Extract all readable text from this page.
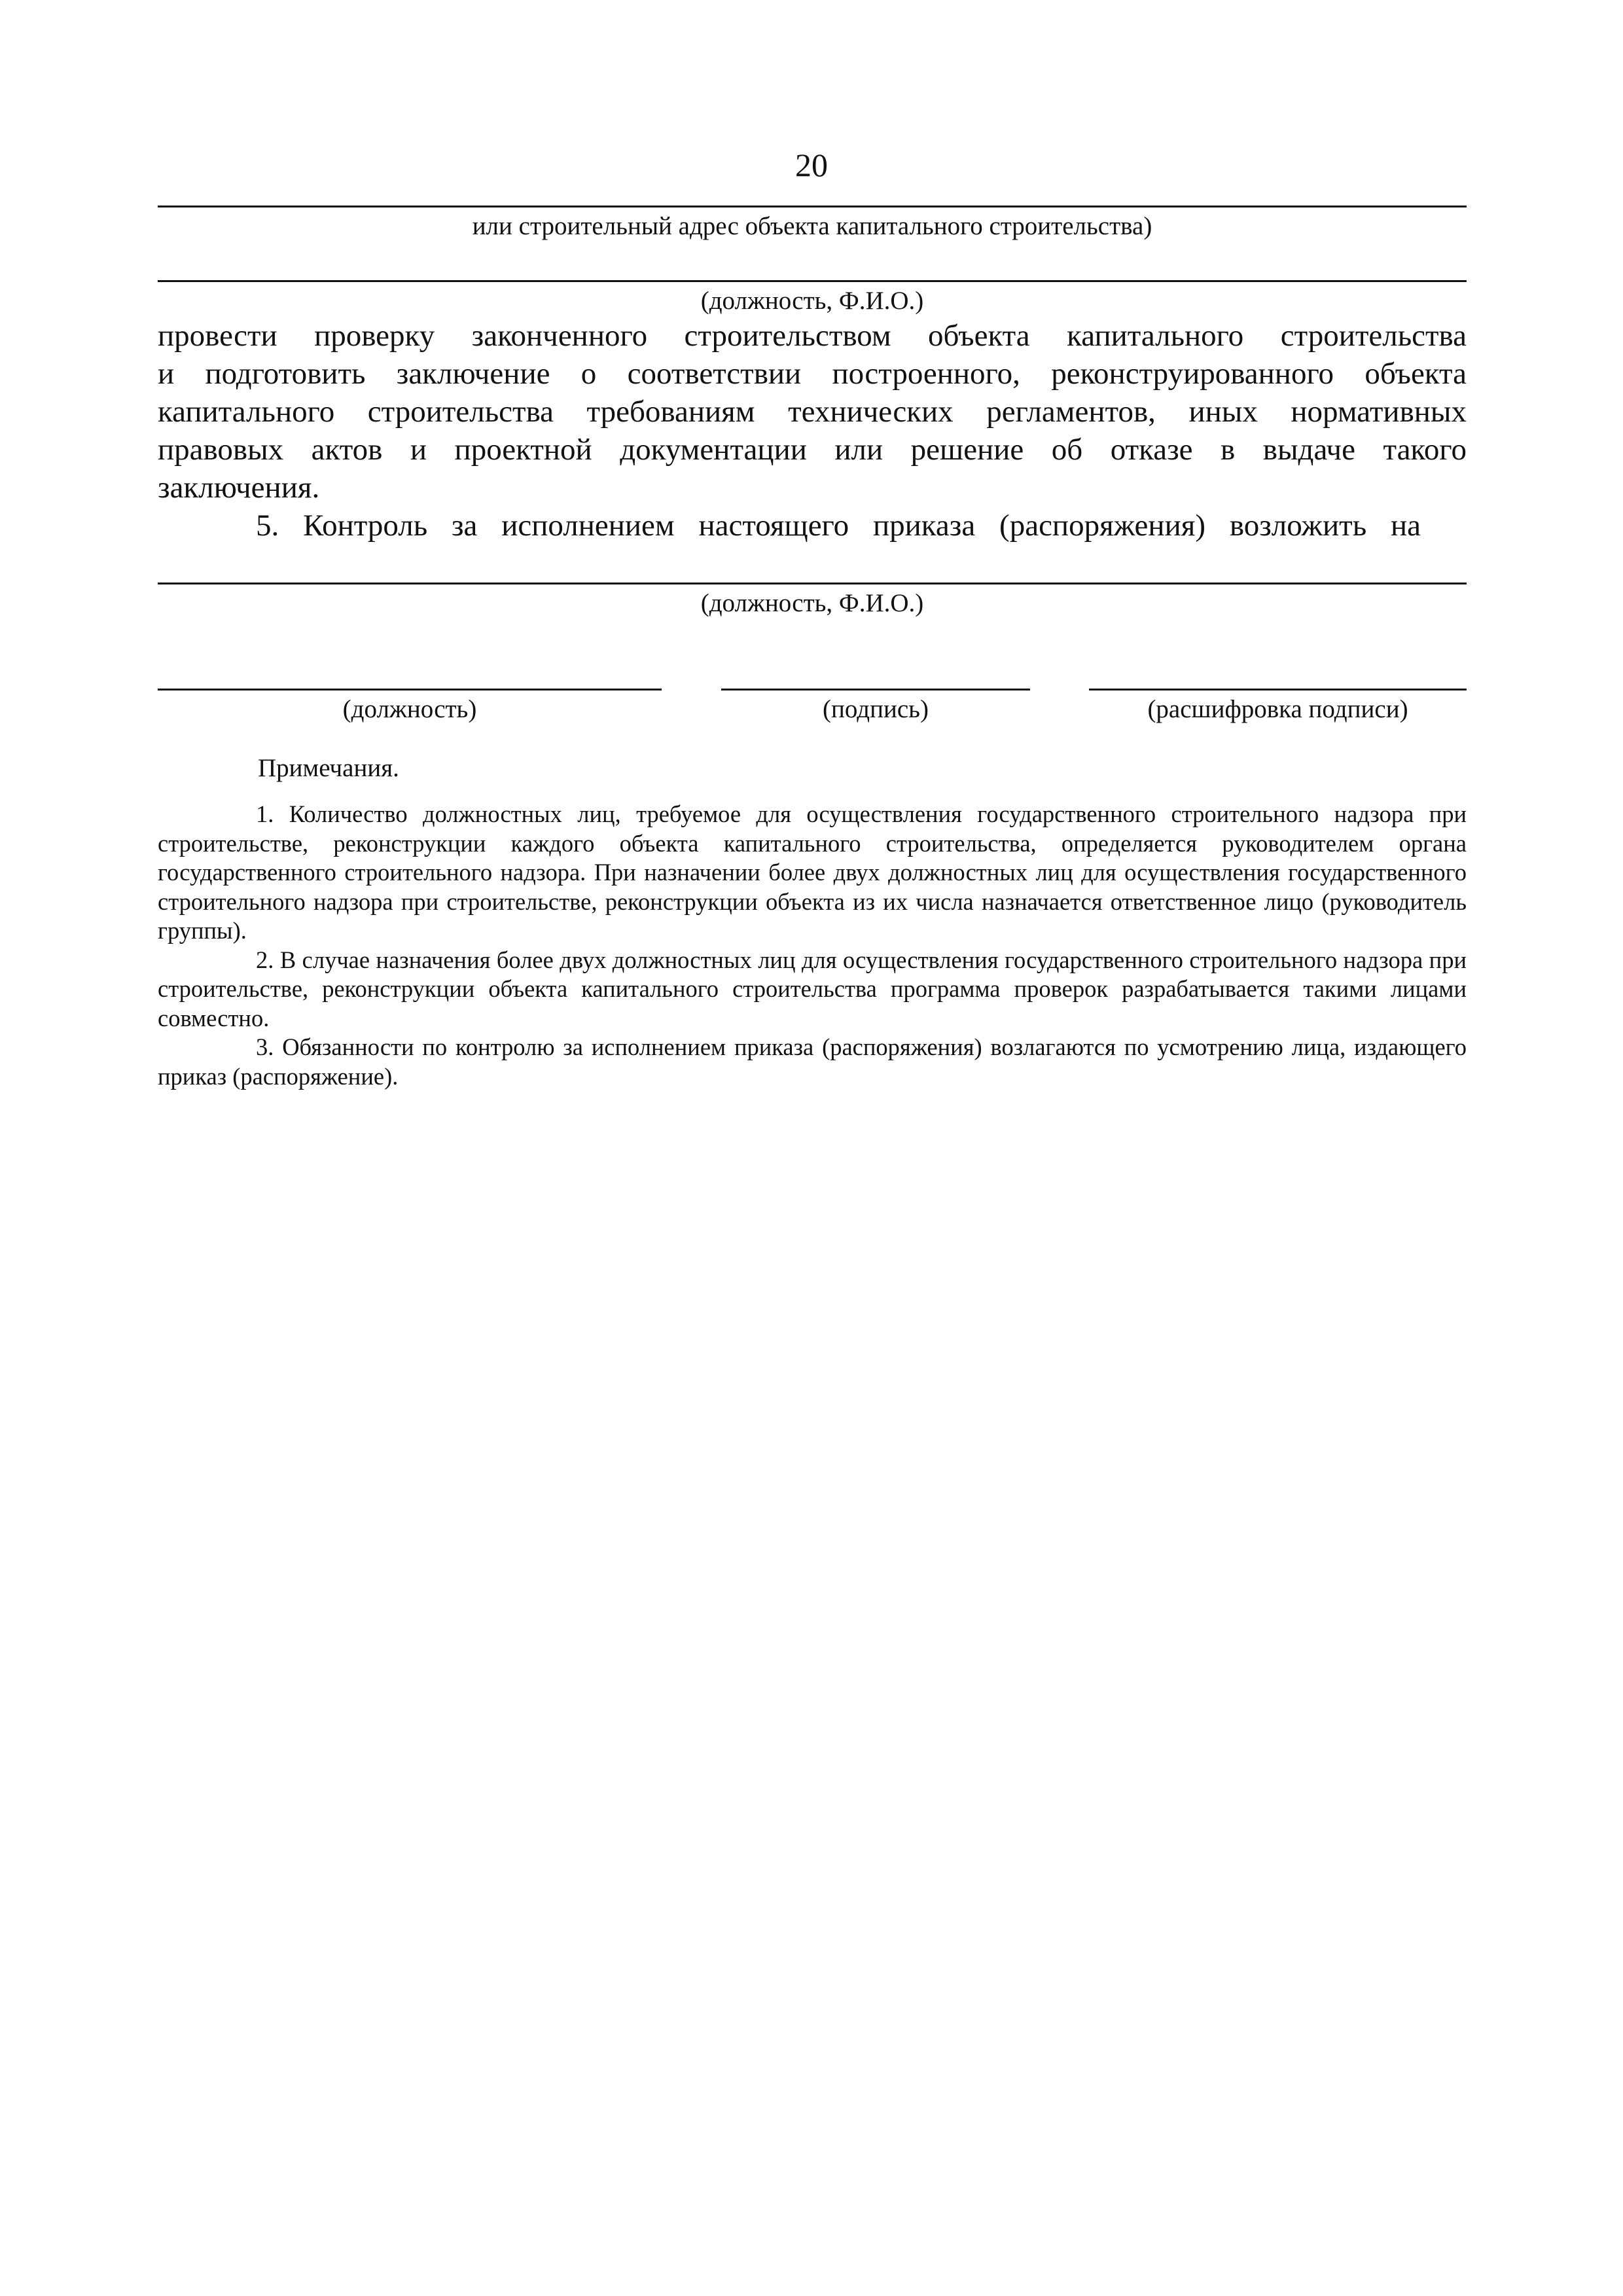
20
или строительный адрес объекта капитального строительства)
(должность, Ф.И.О.)
провести проверку законченного строительством объекта капитального строительства
и подготовить заключение о соответствии построенного, реконструированного объекта
капитального строительства требованиям технических регламентов, иных нормативных
правовых актов и проектной документации или решение об отказе в выдаче такого
заключения.
5. Контроль за исполнением настоящего приказа (распоряжения) возложить на
(должность, Ф.И.О.)
(должность)	(подпись)	(расшифровка подписи)
Примечания.

1. Количество должностных лиц, требуемое для осуществления государственного строительного надзора при строительстве, реконструкции каждого объекта капитального строительства, определяется руководителем органа государственного строительного надзора. При назначении более двух должностных лиц для осуществления государственного строительного надзора при строительстве, реконструкции объекта из их числа назначается ответственное лицо (руководитель группы).

2. В случае назначения более двух должностных лиц для осуществления государственного строительного надзора при строительстве, реконструкции объекта капитального строительства программа проверок разрабатывается такими лицами совместно.

3. Обязанности по контролю за исполнением приказа (распоряжения) возлагаются по усмотрению лица, издающего приказ (распоряжение).
